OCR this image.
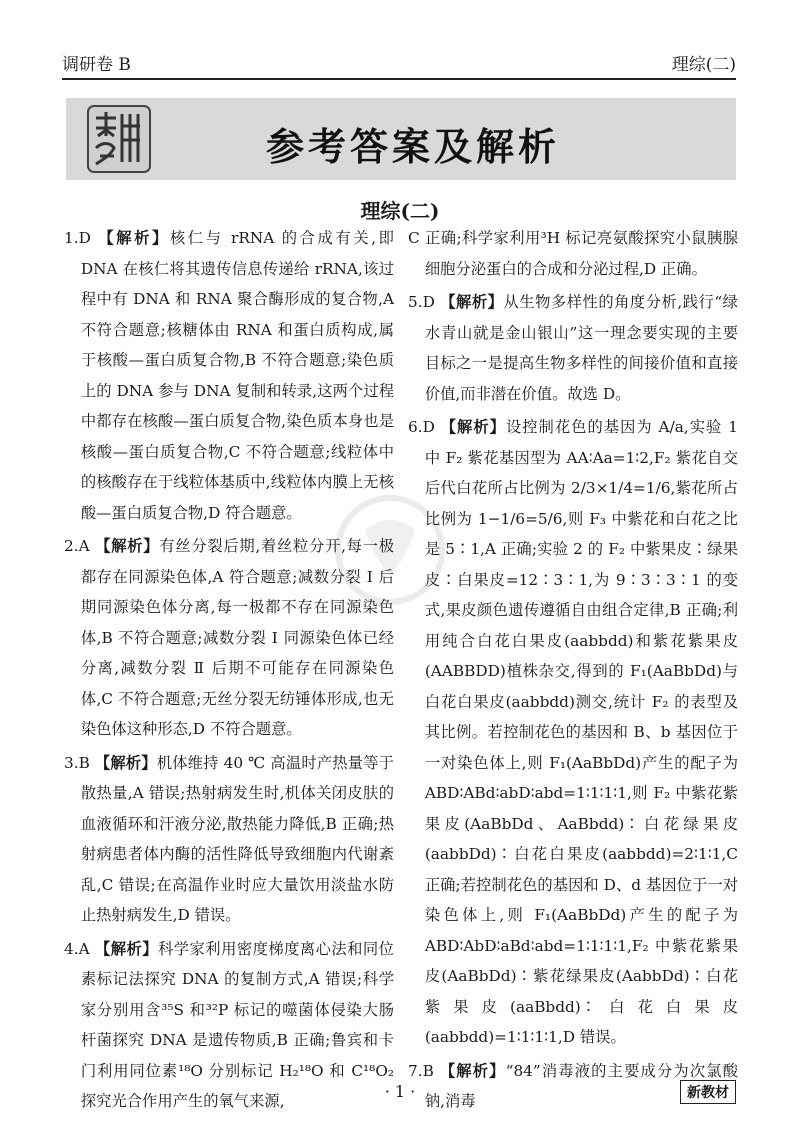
调研卷 B	理综(二)
参考答案及解析
理综(二)

1.D 【解析】核仁与 rRNA 的合成有关,即 DNA 在核仁将其遗传信息传递给 rRNA,该过程中有 DNA 和 RNA 聚合酶形成的复合物,A 不符合题意;核糖体由 RNA 和蛋白质构成,属于核酸—蛋白质复合物,B 不符合题意;染色质上的 DNA 参与 DNA 复制和转录,这两个过程中都存在核酸—蛋白质复合物,染色质本身也是核酸—蛋白质复合物,C 不符合题意;线粒体中的核酸存在于线粒体基质中,线粒体内膜上无核酸—蛋白质复合物,D 符合题意。

2.A 【解析】有丝分裂后期,着丝粒分开,每一极都存在同源染色体,A 符合题意;减数分裂 Ⅰ 后期同源染色体分离,每一极都不存在同源染色体,B 不符合题意;减数分裂 Ⅰ 同源染色体已经分离,减数分裂 Ⅱ 后期不可能存在同源染色体,C 不符合题意;无丝分裂无纺锤体形成,也无染色体这种形态,D 不符合题意。

3.B 【解析】机体维持 40 ℃ 高温时产热量等于散热量,A 错误;热射病发生时,机体关闭皮肤的血液循环和汗液分泌,散热能力降低,B 正确;热射病患者体内酶的活性降低导致细胞内代谢紊乱,C 错误;在高温作业时应大量饮用淡盐水防止热射病发生,D 错误。

4.A 【解析】科学家利用密度梯度离心法和同位素标记法探究 DNA 的复制方式,A 错误;科学家分别用含³⁵S 和³²P 标记的噬菌体侵染大肠杆菌探究 DNA 是遗传物质,B 正确;鲁宾和卡门利用同位素¹⁸O 分别标记 H₂¹⁸O 和 C¹⁸O₂ 探究光合作用产生的氧气来源,

C 正确;科学家利用³H 标记亮氨酸探究小鼠胰腺细胞分泌蛋白的合成和分泌过程,D 正确。

5.D 【解析】从生物多样性的角度分析,践行“绿水青山就是金山银山”这一理念要实现的主要目标之一是提高生物多样性的间接价值和直接价值,而非潜在价值。故选 D。

6.D 【解析】设控制花色的基因为 A/a,实验 1 中 F₂ 紫花基因型为 AA∶Aa=1∶2,F₂ 紫花自交后代白花所占比例为 2/3×1/4=1/6,紫花所占比例为 1−1/6=5/6,则 F₃ 中紫花和白花之比是 5∶1,A 正确;实验 2 的 F₂ 中紫果皮∶绿果皮∶白果皮=12∶3∶1,为 9∶3∶3∶1 的变式,果皮颜色遗传遵循自由组合定律,B 正确;利用纯合白花白果皮(aabbdd)和紫花紫果皮(AABBDD)植株杂交,得到的 F₁(AaBbDd)与白花白果皮(aabbdd)测交,统计 F₂ 的表型及其比例。若控制花色的基因和 B、b 基因位于一对染色体上,则 F₁(AaBbDd)产生的配子为 ABD∶ABd∶abD∶abd=1∶1∶1∶1,则 F₂ 中紫花紫果皮(AaBbDd、AaBbdd)∶白花绿果皮(aabbDd)∶白花白果皮(aabbdd)=2∶1∶1,C 正确;若控制花色的基因和 D、d 基因位于一对染色体上,则 F₁(AaBbDd)产生的配子为 ABD∶AbD∶aBd∶abd=1∶1∶1∶1,F₂ 中紫花紫果皮(AaBbDd)∶紫花绿果皮(AabbDd)∶白花紫果皮(aaBbdd)∶白花白果皮(aabbdd)=1∶1∶1∶1,D 错误。

7.B 【解析】“84”消毒液的主要成分为次氯酸钠,消毒

· 1 ·	新教材
